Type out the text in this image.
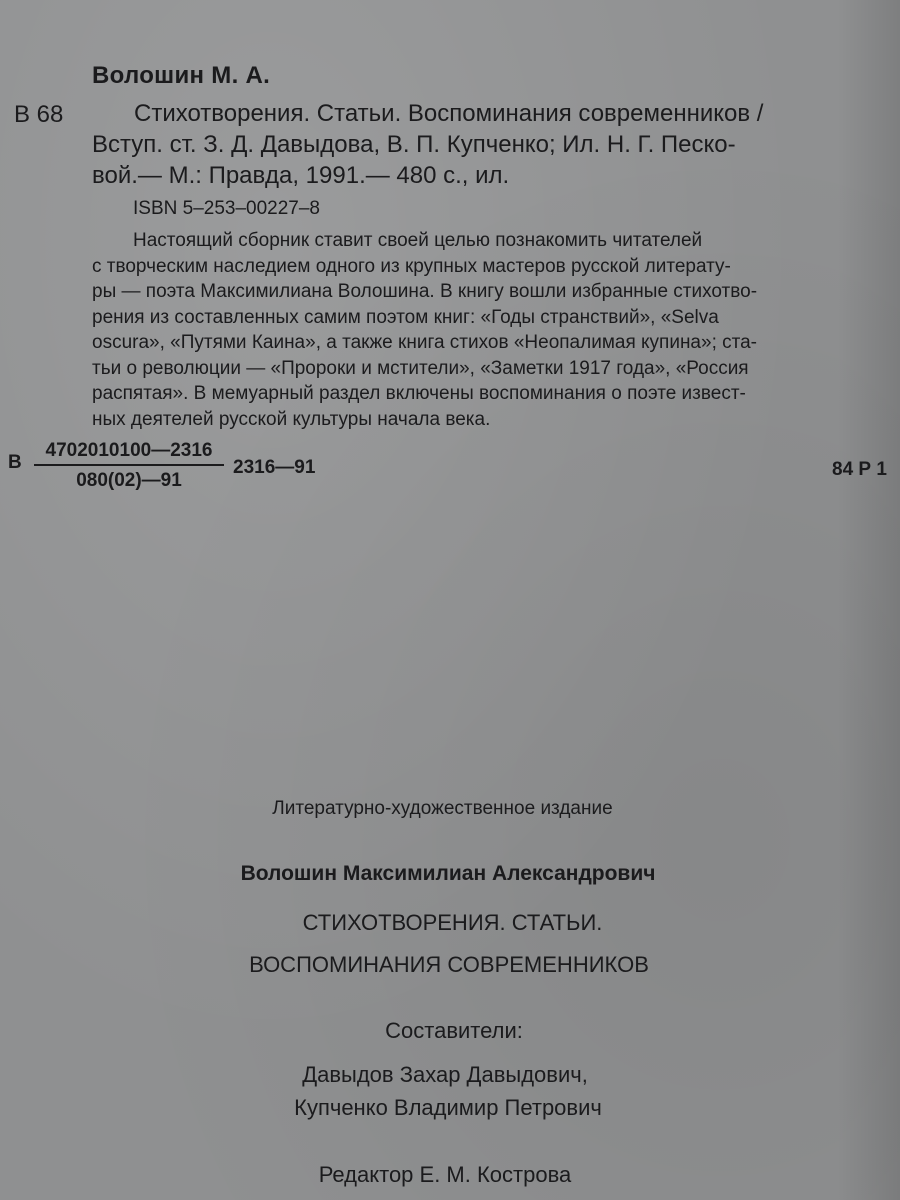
Волошин М. А.
В 68	Стихотворения. Статьи. Воспоминания современников /
Вступ. ст. З. Д. Давыдова, В. П. Купченко; Ил. Н. Г. Песко-
вой.— М.: Правда, 1991.— 480 с., ил.
ISBN 5–253–00227–8
Настоящий сборник ставит своей целью познакомить читателей
с творческим наследием одного из крупных мастеров русской литерату-
ры — поэта Максимилиана Волошина. В книгу вошли избранные стихотво-
рения из составленных самим поэтом книг: «Годы странствий», «Selva
oscura», «Путями Каина», а также книга стихов «Неопалимая купина»; ста-
тьи о революции — «Пророки и мстители», «Заметки 1917 года», «Россия
распятая». В мемуарный раздел включены воспоминания о поэте извест-
ных деятелей русской культуры начала века.
В
4702010100—2316
080(02)—91
2316—91	84 Р 1
Литературно-художественное издание
Волошин Максимилиан Александрович
СТИХОТВОРЕНИЯ. СТАТЬИ.
ВОСПОМИНАНИЯ СОВРЕМЕННИКОВ
Составители:
Давыдов Захар Давыдович,
Купченко Владимир Петрович
Редактор Е. М. Кострова
